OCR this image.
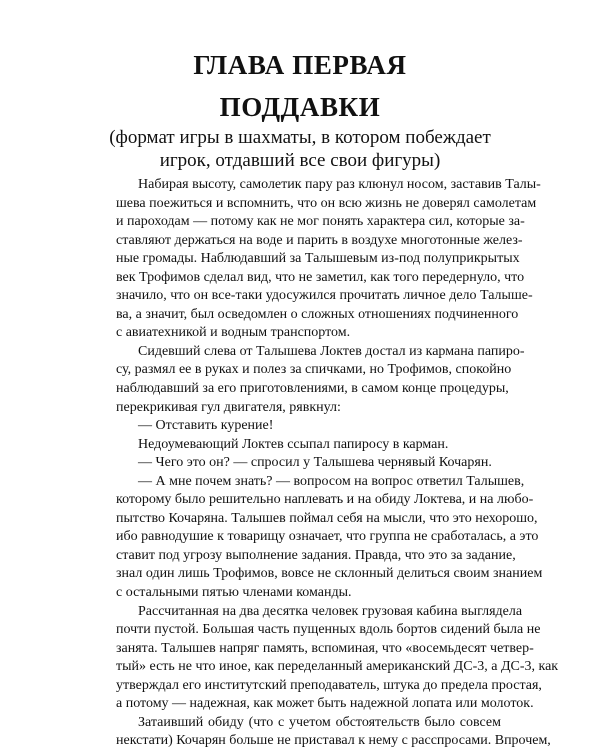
ГЛАВА ПЕРВАЯ
ПОДДАВКИ
(формат игры в шахматы, в котором побеждает
игрок, отдавший все свои фигуры)
Набирая высоту, самолетик пару раз клюнул носом, заставив Талы-
шева поежиться и вспомнить, что он всю жизнь не доверял самолетам
и пароходам — потому как не мог понять характера сил, которые за-
ставляют держаться на воде и парить в воздухе многотонные желез-
ные громады. Наблюдавший за Талышевым из-под полуприкрытых
век Трофимов сделал вид, что не заметил, как того передернуло, что
значило, что он все-таки удосужился прочитать личное дело Талыше-
ва, а значит, был осведомлен о сложных отношениях подчиненного
с авиатехникой и водным транспортом.
Сидевший слева от Талышева Локтев достал из кармана папиро-
су, размял ее в руках и полез за спичками, но Трофимов, спокойно
наблюдавший за его приготовлениями, в самом конце процедуры,
перекрикивая гул двигателя, рявкнул:
— Отставить курение!
Недоумевающий Локтев ссыпал папиросу в карман.
— Чего это он? — спросил у Талышева чернявый Кочарян.
— А мне почем знать? — вопросом на вопрос ответил Талышев,
которому было решительно наплевать и на обиду Локтева, и на любо-
пытство Кочаряна. Талышев поймал себя на мысли, что это нехорошо,
ибо равнодушие к товарищу означает, что группа не сработалась, а это
ставит под угрозу выполнение задания. Правда, что это за задание,
знал один лишь Трофимов, вовсе не склонный делиться своим знанием
с остальными пятью членами команды.
Рассчитанная на два десятка человек грузовая кабина выглядела
почти пустой. Большая часть пущенных вдоль бортов сидений была не
занята. Талышев напряг память, вспоминая, что «восемьдесят четвер-
тый» есть не что иное, как переделанный американский ДС-3, а ДС-3, как
утверждал его институтский преподаватель, штука до предела простая,
а потому — надежная, как может быть надежной лопата или молоток.
Затаивший обиду (что с учетом обстоятельств было совсем
некстати) Кочарян больше не приставал к нему с расспросами. Впрочем,
